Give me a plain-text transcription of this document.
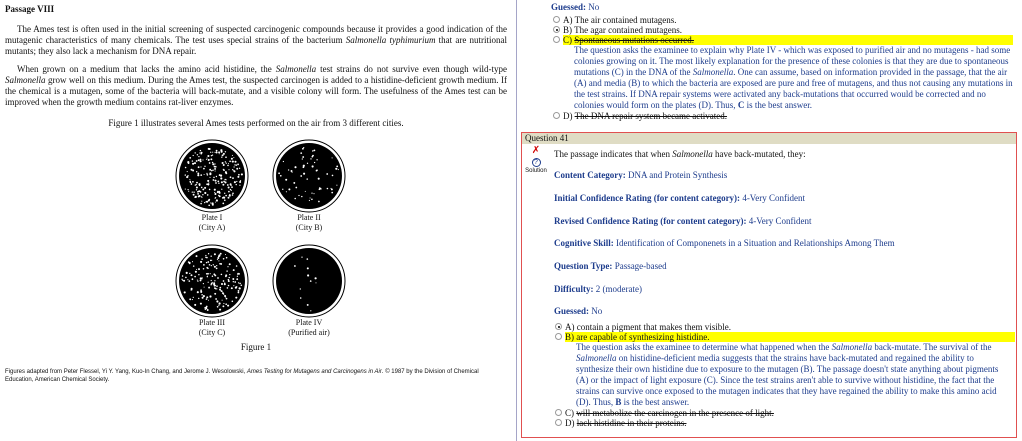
Passage VIII

The Ames test is often used in the initial screening of suspected carcinogenic compounds because it provides a good indication of the mutagenic characteristics of many chemicals. The test uses special strains of the bacterium Salmonella typhimurium that are nutritional mutants; they also lack a mechanism for DNA repair.

When grown on a medium that lacks the amino acid histidine, the Salmonella test strains do not survive even though wild-type Salmonella grow well on this medium. During the Ames test, the suspected carcinogen is added to a histidine-deficient growth medium. If the chemical is a mutagen, some of the bacteria will back-mutate, and a visible colony will form. The usefulness of the Ames test can be improved when the growth medium contains rat-liver enzymes.

Figure 1 illustrates several Ames tests performed on the air from 3 different cities.
Plate I
(City A)
Plate II
(City B)
Plate III
(City C)
Plate IV
(Purified air)
Figure 1
Figures adapted from Peter Flessel, Yi Y. Yang, Kuo-In Chang, and Jerome J. Wesolowski, Ames Testing for Mutagens and Carcinogens in Air. © 1987 by the Division of Chemical Education, American Chemical Society.
Guessed: No
A) The air contained mutagens.
B) The agar contained mutagens.
C) Spontaneous mutations occurred.
The question asks the examinee to explain why Plate IV - which was exposed to purified air and no mutagens - had some colonies growing on it. The most likely explanation for the presence of these colonies is that they are due to spontaneous mutations (C) in the DNA of the Salmonella. One can assume, based on information provided in the passage, that the air (A) and media (B) to which the bacteria are exposed are pure and free of mutagens, and thus not causing any mutations in the test strains. If DNA repair systems were activated any back-mutations that occurred would be corrected and no colonies would form on the plates (D). Thus, C is the best answer.
D) The DNA repair system became activated.
Question 41
✗
?
Solution
The passage indicates that when Salmonella have back-mutated, they:
Content Category: DNA and Protein Synthesis
Initial Confidence Rating (for content category): 4-Very Confident
Revised Confidence Rating (for content category): 4-Very Confident
Cognitive Skill: Identification of Componenets in a Situation and Relationships Among Them
Question Type: Passage-based
Difficulty: 2 (moderate)
Guessed: No
A) contain a pigment that makes them visible.
B) are capable of synthesizing histidine.
The question asks the examinee to determine what happened when the Salmonella back-mutate. The survival of the Salmonella on histidine-deficient media suggests that the strains have back-mutated and regained the ability to synthesize their own histidine due to exposure to the mutagen (B). The passage doesn't state anything about pigments (A) or the impact of light exposure (C). Since the test strains aren't able to survive without histidine, the fact that the strains can survive once exposed to the mutagen indicates that they have regained the ability to make this amino acid (D). Thus, B is the best answer.
C) will metabolize the carcinogen in the presence of light.
D) lack histidine in their proteins.
